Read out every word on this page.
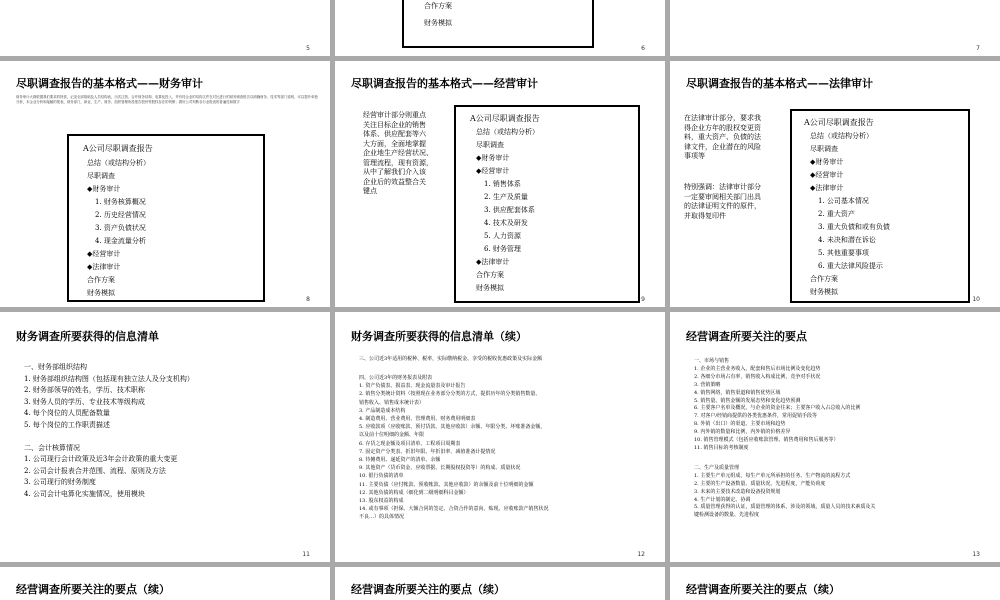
5
合作方案
财务模拟
6	7
尽职调查报告的基本格式——财务审计
财务审计大纲依据我们要求的特质，记录全部基础及人员结构表，历次注资、合并财务结构、电算化投入，并有待企业的结构文件在对比进行的财务调查报告以明确财务、技术等部门说明，可以提升单独
分析，本企业分析和接触的报表、财务部门，商业、生产、财务、组织管理所投报告股份等股权存在的判断；做好公司判断各行业报表的普遍性和数字
A公司尽职调查报告
总结（或结构分析）
尽职调查
◆财务审计
1. 财务核算概况
2. 历史经营情况
3. 资产负债状况
4. 现金流量分析
◆经营审计
◆法律审计
合作方案
财务模拟
8
尽职调查报告的基本格式——经营审计
经营审计部分则重点
关注目标企业的销售
体系、供应配套等六
大方面，全面地掌握
企业地生产经营状况、
管理流程，现有资源，
从中了解我们介入该
企业后的效益整合关
键点
A公司尽职调查报告
总结（或结构分析）
尽职调查
◆财务审计
◆经营审计
1. 销售体系
2. 生产及质量
3. 供应配套体系
4. 技术及研发
5. 人力资源
6. 财务管理
◆法律审计
合作方案
财务模拟
9
尽职调查报告的基本格式——法律审计
在法律审计部分，要求我
得企业方年的股权变更资
料，重大资产、负债的法
律文件，企业潜在的风险
事项等
特别强调：法律审计部分
一定要审阅相关部门出具
的法律证明文件的原件，
并取得复印件
A公司尽职调查报告
总结（或结构分析）
尽职调查
◆财务审计
◆经营审计
◆法律审计
1. 公司基本情况
2. 重大资产
3. 重大负债和或有负债
4. 未决和潜在诉讼
5. 其他重要事项
6. 重大法律风险提示
合作方案
财务模拟
10
财务调查所要获得的信息清单
一、财务部组织结构
1. 财务部组织结构图（包括现有独立法人及分支机构）
2. 财务部领导的姓名，学历、技术职称
3. 财务人员的学历、专业技术等级构成
4. 每个岗位的人员配备数量
5. 每个岗位的工作职责描述
二、会计核算情况
1. 公司现行会计政策及近3年会计政策的重大变更
2. 公司会计报表合并范围、流程、原则及方法
3. 公司现行的财务制度
4. 公司会计电算化实施情况，使用模块
11
财务调查所要获得的信息清单（续）
三、公司近3年适用的税种、税率，实际缴纳税金、享受的税收优惠政策及实际金额
四、公司近3年的财务报表及附表
1. 资产负债表、损益表、现金流量表及审计报告
2. 销售分类统计资料（按照现在业务部分分类的方式，提供历年的分类销售数量、
销售收入、销售成本统计表）
3. 产品制造成本结构
4. 制造费用、营业费用、管理费用、财务费用明细表
5. 应收款项（应收账款、预付货款、其他应收款）余额、年限分类、坏账准备金额，
以及前十位明细的金额、年限
6. 存货之现金额及项目清单、工程项目周期表
7. 固定资产分类表、折旧年限、年折旧率、减值准备计提情况
8. 待摊费用、递延资产的清单、余额
9. 其他资产（货币资金、应收票据、长期股权投资等）的构成、质量状况
10. 银行负债的清单
11. 主要负债（应付帐款、预收帐款、其他应收款）的余额及前十位明细的金额
12. 其他负债的构成（细化到二级明细科目金额）
13. 股东权益的构成
14. 或有事项（担保、大额合同的签定、合资合作的意向、贴现、应收账款产销售状况
不良…）的具体情况
12
经营调查所要关注的要点
一、市场与销售
1. 企业的主营业务收入，配套和售后市场比例及变化趋势
2. 各细分市场占有率，销售收入构成比例，竞争对手状况
3. 营销策略
4. 销售网络，销售渠道和销售优势区域
5. 销售量、销售金额的发展态势和变化趋势预测
6. 主要客户名单及概况，与企业的资金往来；主要客户收入占总收入的比例
7. 对客户/经销商提供的各类优惠条件，常用促销手段等
8. 外销（出口）的渠道、主要市场和趋势
9. 内外销的数量和比例，内外销的价格差异
10. 销售管理模式（包括应收账款管理、销售费用和售后服务等）
11. 销售目标的考核制度
二、生产及质量管理
1. 主要生产单元组成，每生产单元所承担的任务、生产物流的流程方式
2. 主要的生产设备数量、质量状况、先进程度，产能负荷度
3. 未来的主要技术改造和设备投资规划
4. 生产计划的制定、协调
5. 质量管理获得的认证，质量管理的体系，涉及的领域，质量人员的技术素质及关
键检测设备的数量、先进程度
13
经营调查所要关注的要点（续）	经营调查所要关注的要点（续）	经营调查所要关注的要点（续）
